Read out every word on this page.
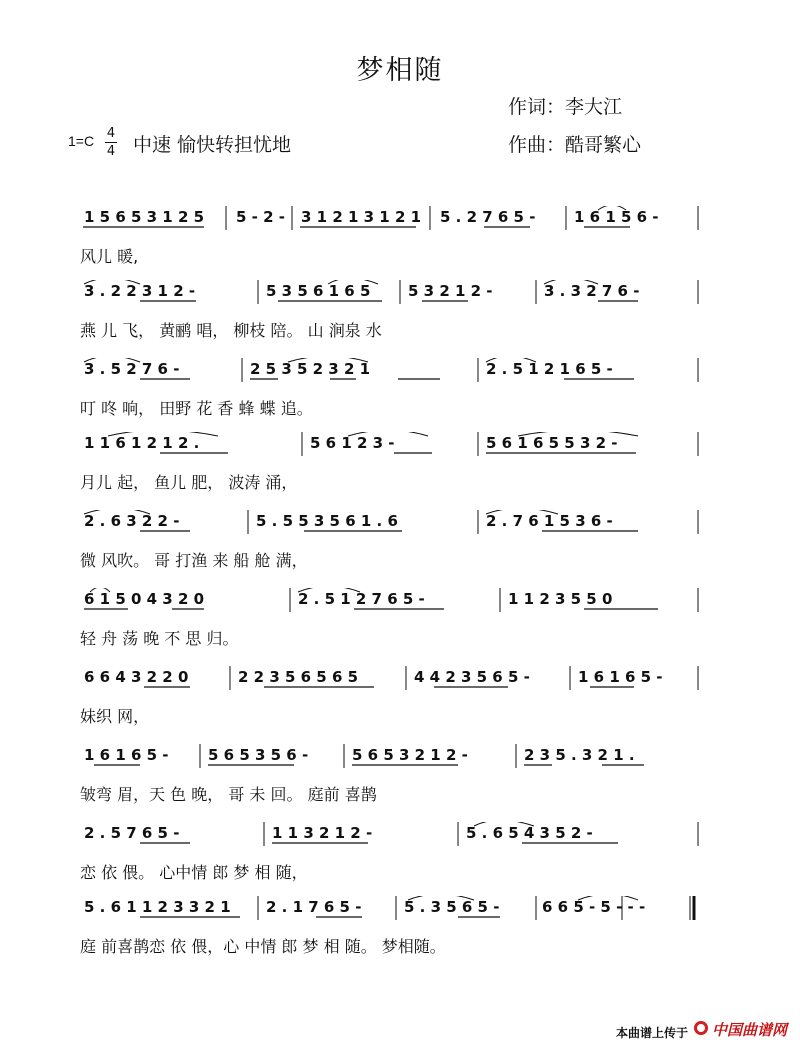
梦相随
作词：李大江
作曲：酷哥繁心
1=C 4
4 中速 愉快转担忧地
1 5 6 5 3 1 2 5 5 - 2 - 3 1 2 1 3 1 2 1 5 . 2 7 6 5 -	1 6 1 5 6 -
风儿 暖,
3 . 2 2 3 1 2 -	5 3 5 6 1 6 5	5 3 2 1 2 -	3 . 3 2 7 6 -
燕 儿 飞， 黄鹂 唱， 柳枝 陪。 山 涧泉 水
3 . 5 2 7 6 -	2 5 3 5 2 3 2 1	2 . 5 1 2 1 6 5 -
叮 咚 响， 田野 花 香 蜂 蝶 追。
1 1 6 1 2 1 2 .	5 6 1 2 3 -	5 6 1 6 5 5 3 2 -
月儿 起， 鱼儿 肥， 波涛 涌，
2 . 6 3 2 2 -	5 . 5 5 3 5 6 1 . 6	2 . 7 6 1 5 3 6 -
微 风吹。 哥 打渔 来 船 舱 满，
6 1 5 0 4 3 2 0	2 . 5 1 2 7 6 5 -	1 1 2 3 5 5 0
轻 舟 荡 晚 不 思 归。
6 6 4 3 2 2 0	2 2 3 5 6 5 6 5	4 4 2 3 5 6 5 -	1 6 1 6 5 -
妹织 网，
1 6 1 6 5 -	5 6 5 3 5 6 -	5 6 5 3 2 1 2 -	2 3 5 . 3 2 1 .
皱弯 眉，天 色 晚， 哥 未 回。 庭前 喜鹊
2 . 5 7 6 5 -	1 1 3 2 1 2 -	5 . 6 5 4 3 5 2 -
恋 依 偎。 心中情 郎 梦 相 随，
5 . 6 1 1 2 3 3 2 1 2 . 1 7 6 5 -	5 . 3 5 6 5 -	6 6 5 - 5 - - -
庭 前喜鹊恋 依 偎，心 中情 郎 梦 相 随。 梦相随。
本曲谱上传于 中国曲谱网
